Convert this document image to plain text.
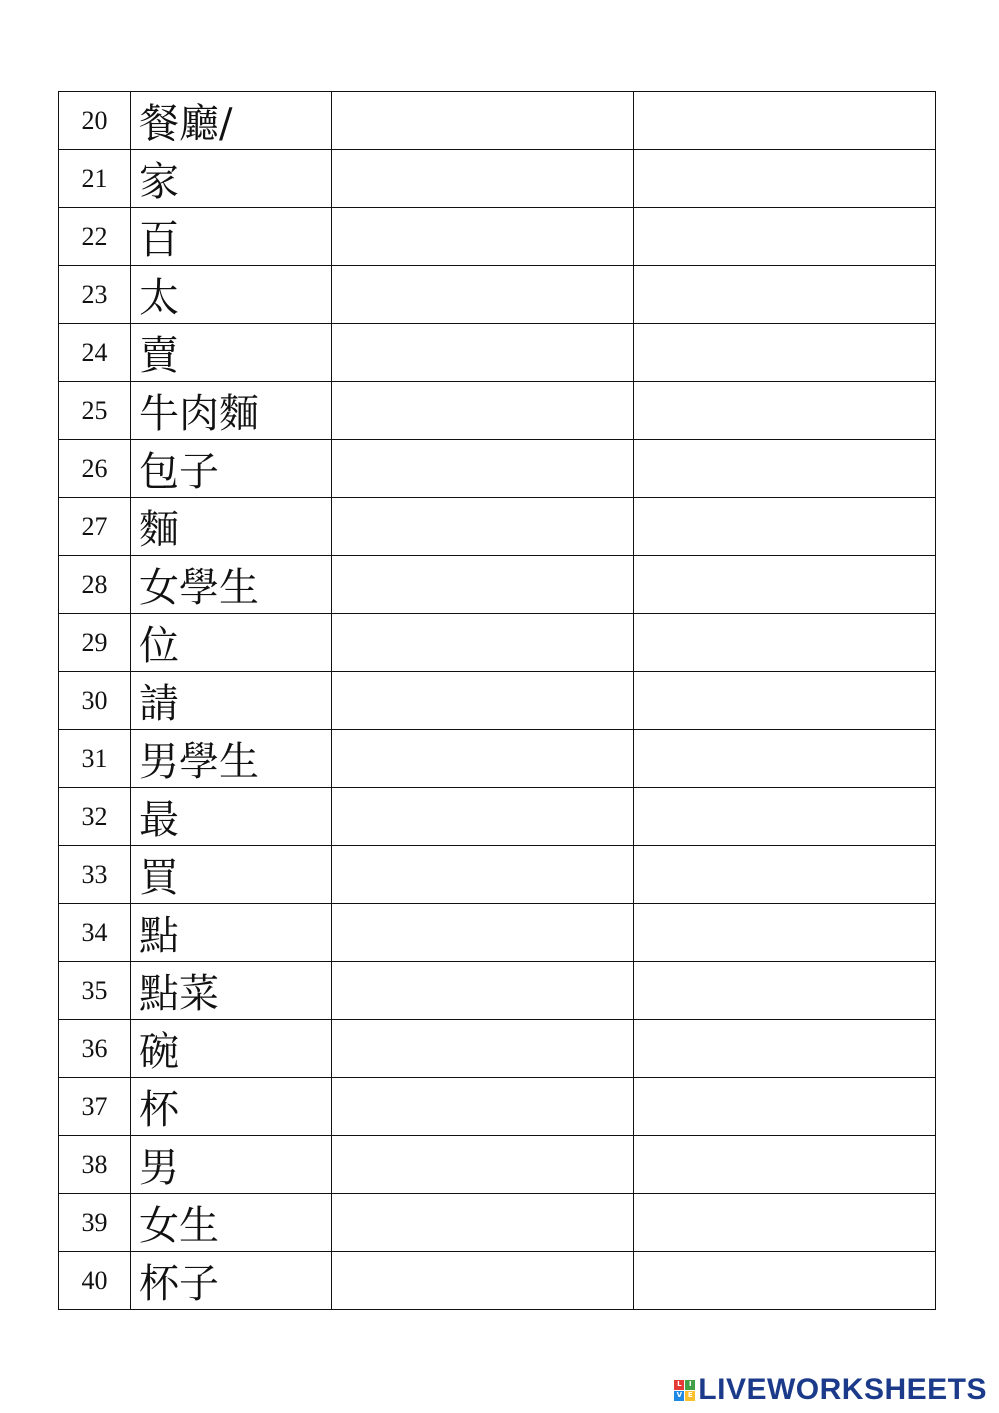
20	餐廳/		
21	家		
22	百		
23	太		
24	賣		
25	牛肉麵		
26	包子		
27	麵		
28	女學生		
29	位		
30	請		
31	男學生		
32	最		
33	買		
34	點		
35	點菜		
36	碗		
37	杯		
38	男		
39	女生		
40	杯子		
L	I
V E LIVEWORKSHEETS
